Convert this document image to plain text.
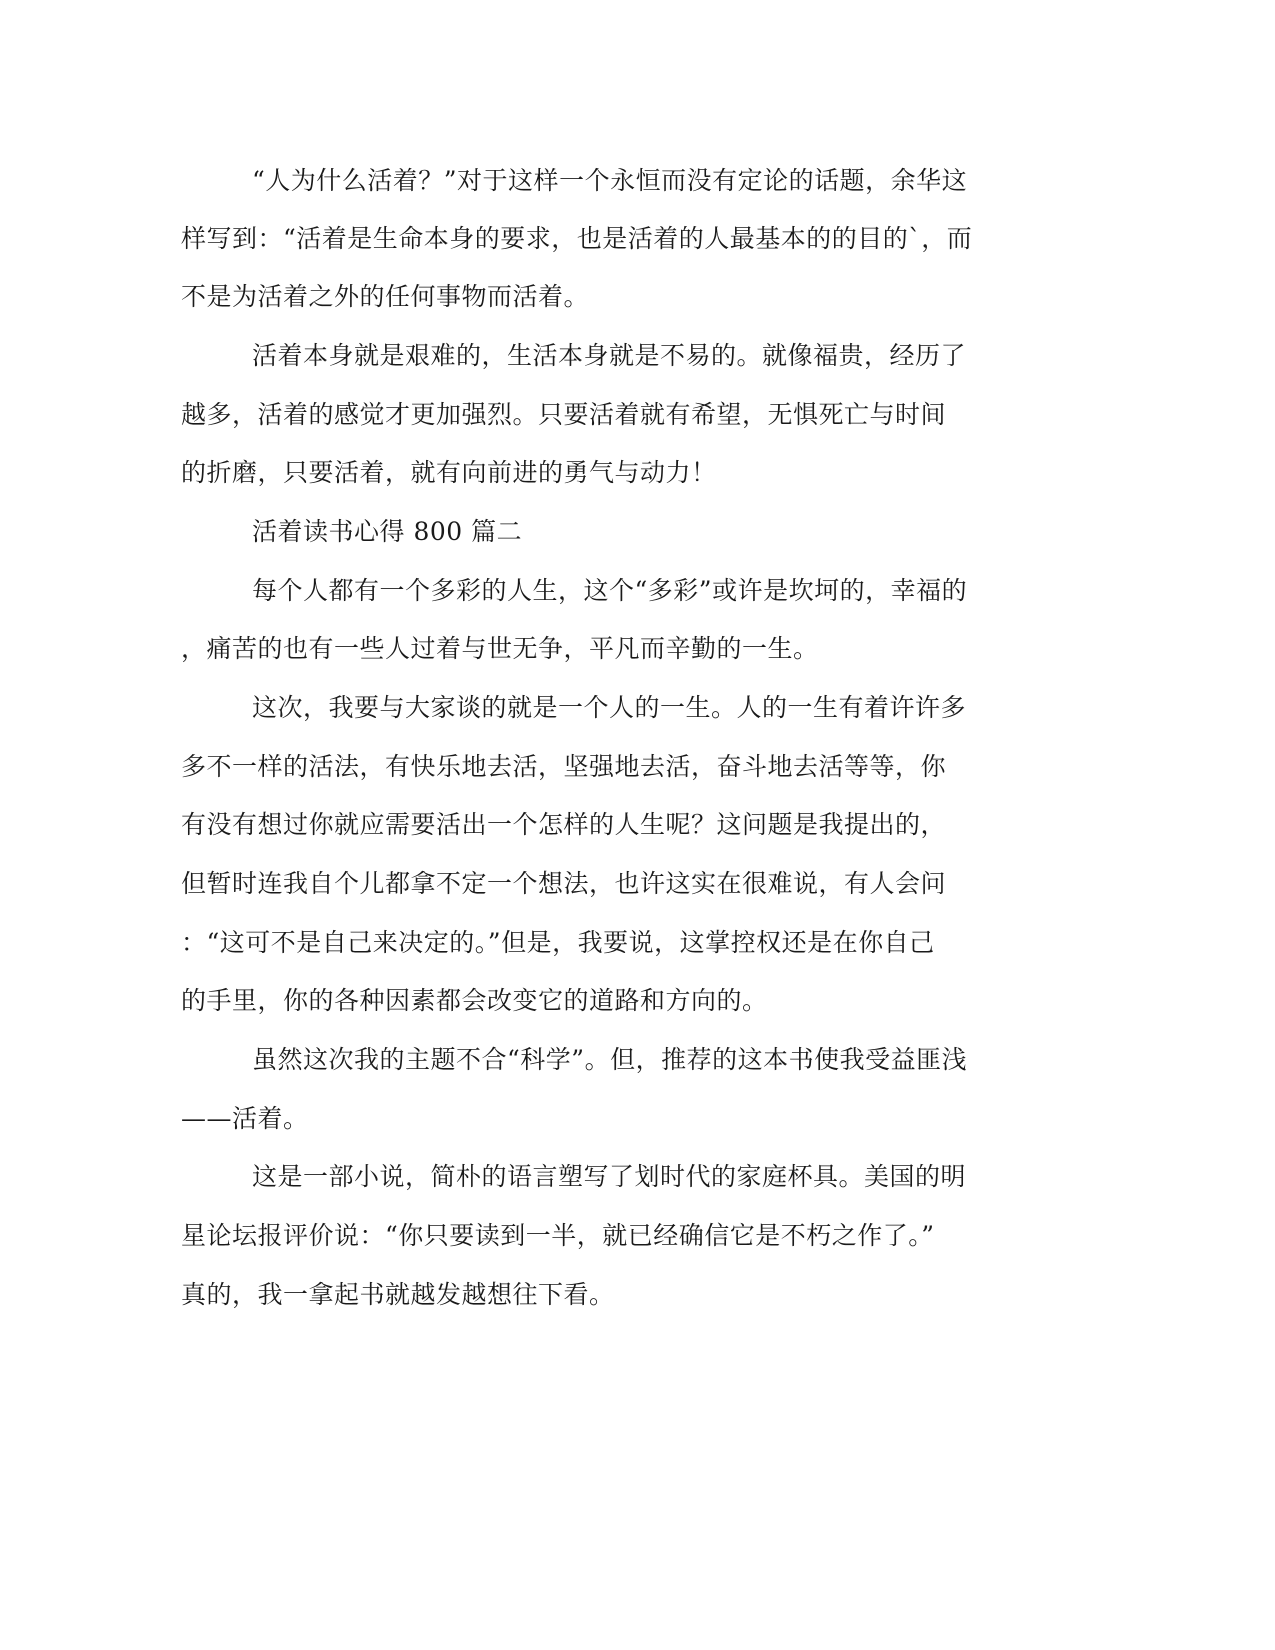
“人为什么活着？”对于这样一个永恒而没有定论的话题，余华这
样写到：“活着是生命本身的要求，也是活着的人最基本的的目的`，而
不是为活着之外的任何事物而活着。
活着本身就是艰难的，生活本身就是不易的。就像福贵，经历了
越多，活着的感觉才更加强烈。只要活着就有希望，无惧死亡与时间
的折磨，只要活着，就有向前进的勇气与动力！
活着读书心得 800 篇二
每个人都有一个多彩的人生，这个“多彩”或许是坎坷的，幸福的
，痛苦的也有一些人过着与世无争，平凡而辛勤的一生。
这次，我要与大家谈的就是一个人的一生。人的一生有着许许多
多不一样的活法，有快乐地去活，坚强地去活，奋斗地去活等等，你
有没有想过你就应需要活出一个怎样的人生呢？这问题是我提出的，
但暂时连我自个儿都拿不定一个想法，也许这实在很难说，有人会问
：“这可不是自己来决定的。”但是，我要说，这掌控权还是在你自己
的手里，你的各种因素都会改变它的道路和方向的。
虽然这次我的主题不合“科学”。但，推荐的这本书使我受益匪浅
——活着。
这是一部小说，简朴的语言塑写了划时代的家庭杯具。美国的明
星论坛报评价说：“你只要读到一半，就已经确信它是不朽之作了。”
真的，我一拿起书就越发越想往下看。
